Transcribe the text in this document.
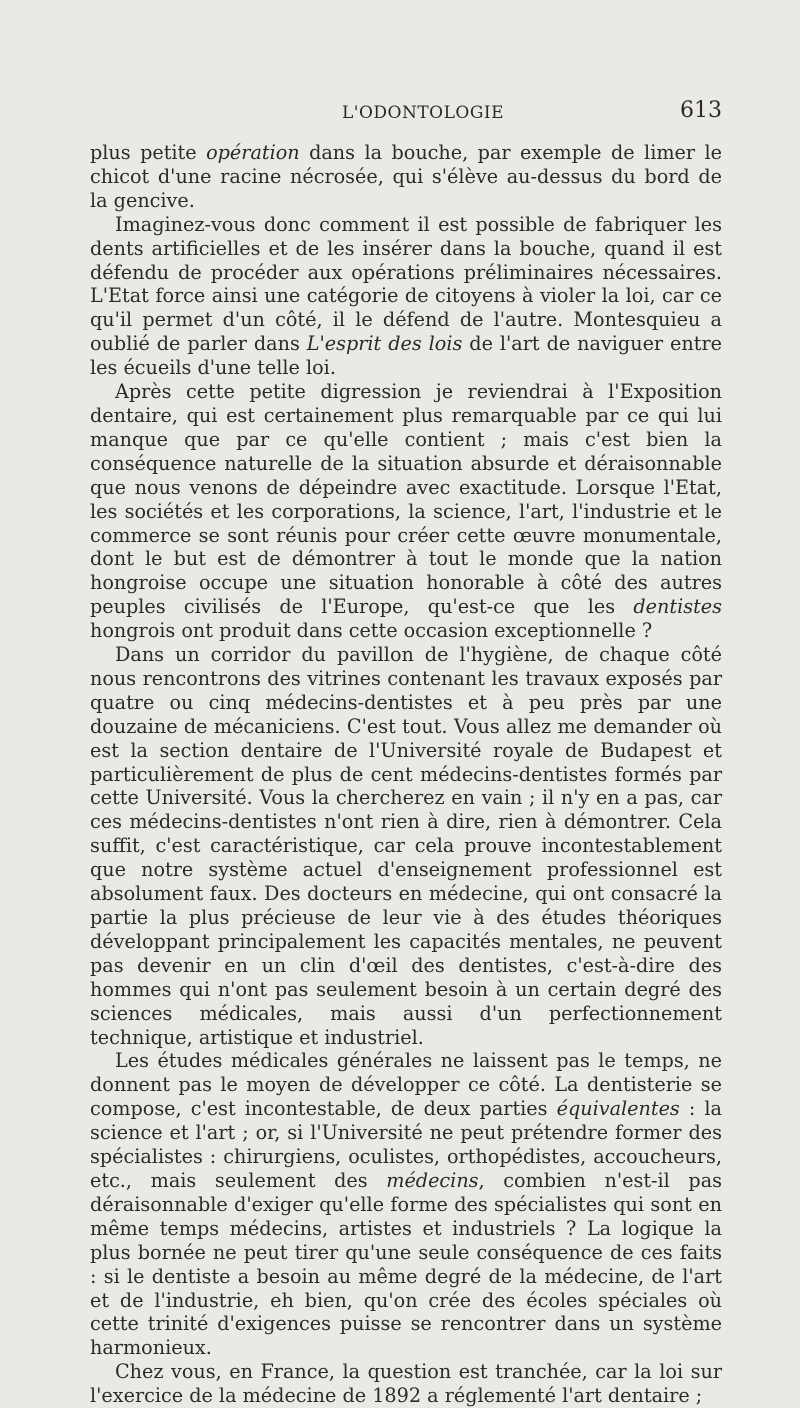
L'ODONTOLOGIE	613

plus petite opération dans la bouche, par exemple de limer le chicot d'une racine nécrosée, qui s'élève au-dessus du bord de la gencive.

Imaginez-vous donc comment il est possible de fabriquer les dents artificielles et de les insérer dans la bouche, quand il est défendu de procéder aux opérations préliminaires nécessaires. L'Etat force ainsi une catégorie de citoyens à violer la loi, car ce qu'il permet d'un côté, il le défend de l'autre. Montesquieu a oublié de parler dans L'esprit des lois de l'art de naviguer entre les écueils d'une telle loi.

Après cette petite digression je reviendrai à l'Exposition dentaire, qui est certainement plus remarquable par ce qui lui manque que par ce qu'elle contient ; mais c'est bien la conséquence naturelle de la situation absurde et déraisonnable que nous venons de dépeindre avec exactitude. Lorsque l'Etat, les sociétés et les corporations, la science, l'art, l'industrie et le commerce se sont réunis pour créer cette œuvre monumentale, dont le but est de démontrer à tout le monde que la nation hongroise occupe une situation honorable à côté des autres peuples civilisés de l'Europe, qu'est-ce que les dentistes hongrois ont produit dans cette occasion exceptionnelle ?

Dans un corridor du pavillon de l'hygiène, de chaque côté nous rencontrons des vitrines contenant les travaux exposés par quatre ou cinq médecins-dentistes et à peu près par une douzaine de mécaniciens. C'est tout. Vous allez me demander où est la section dentaire de l'Université royale de Budapest et particulièrement de plus de cent médecins-dentistes formés par cette Université. Vous la chercherez en vain ; il n'y en a pas, car ces médecins-dentistes n'ont rien à dire, rien à démontrer. Cela suffit, c'est caractéristique, car cela prouve incontestablement que notre système actuel d'enseignement professionnel est absolument faux. Des docteurs en médecine, qui ont consacré la partie la plus précieuse de leur vie à des études théoriques développant principalement les capacités mentales, ne peuvent pas devenir en un clin d'œil des dentistes, c'est-à-dire des hommes qui n'ont pas seulement besoin à un certain degré des sciences médicales, mais aussi d'un perfectionnement technique, artistique et industriel.

Les études médicales générales ne laissent pas le temps, ne donnent pas le moyen de développer ce côté. La dentisterie se compose, c'est incontestable, de deux parties équivalentes : la science et l'art ; or, si l'Université ne peut prétendre former des spécialistes : chirurgiens, oculistes, orthopédistes, accoucheurs, etc., mais seulement des médecins, combien n'est-il pas déraisonnable d'exiger qu'elle forme des spécialistes qui sont en même temps médecins, artistes et industriels ? La logique la plus bornée ne peut tirer qu'une seule conséquence de ces faits : si le dentiste a besoin au même degré de la médecine, de l'art et de l'industrie, eh bien, qu'on crée des écoles spéciales où cette trinité d'exigences puisse se rencontrer dans un système harmonieux.

Chez vous, en France, la question est tranchée, car la loi sur l'exercice de la médecine de 1892 a réglementé l'art dentaire ;
